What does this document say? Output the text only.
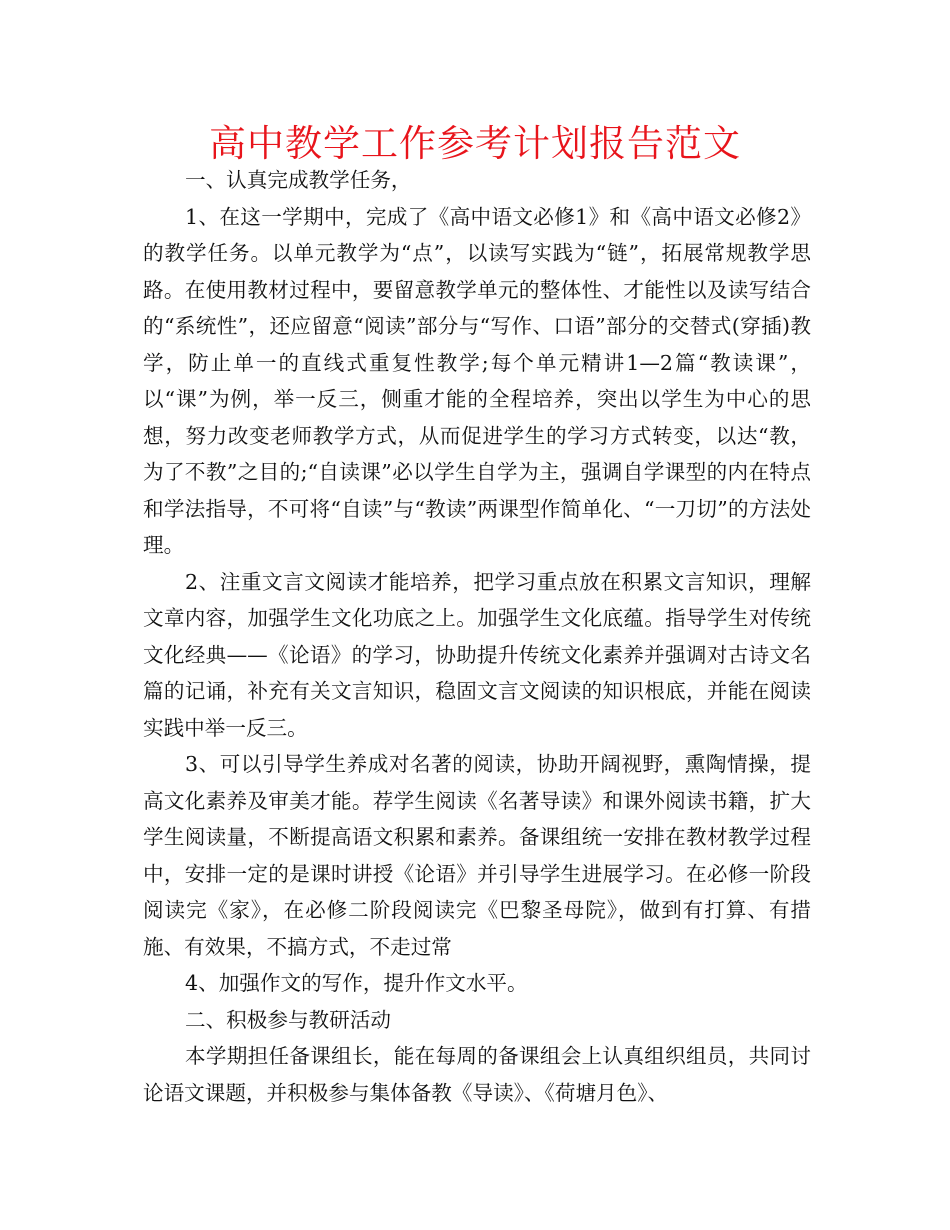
高中教学工作参考计划报告范文

一、认真完成教学任务，

1、在这一学期中，完成了《高中语文必修1》和《高中语文必修2》的教学任务。以单元教学为“点”，以读写实践为“链”，拓展常规教学思路。在使用教材过程中，要留意教学单元的整体性、才能性以及读写结合的“系统性”，还应留意“阅读”部分与“写作、口语”部分的交替式(穿插)教学，防止单一的直线式重复性教学;每个单元精讲1—2篇“教读课”，以“课”为例，举一反三，侧重才能的全程培养，突出以学生为中心的思想，努力改变老师教学方式，从而促进学生的学习方式转变，以达“教，为了不教”之目的;“自读课”必以学生自学为主，强调自学课型的内在特点和学法指导，不可将“自读”与“教读”两课型作简单化、“一刀切”的方法处理。

2、注重文言文阅读才能培养，把学习重点放在积累文言知识，理解文章内容，加强学生文化功底之上。加强学生文化底蕴。指导学生对传统文化经典——《论语》的学习，协助提升传统文化素养并强调对古诗文名篇的记诵，补充有关文言知识，稳固文言文阅读的知识根底，并能在阅读实践中举一反三。

3、可以引导学生养成对名著的阅读，协助开阔视野，熏陶情操，提高文化素养及审美才能。荐学生阅读《名著导读》和课外阅读书籍，扩大学生阅读量，不断提高语文积累和素养。备课组统一安排在教材教学过程中，安排一定的是课时讲授《论语》并引导学生进展学习。在必修一阶段阅读完《家》，在必修二阶段阅读完《巴黎圣母院》，做到有打算、有措施、有效果，不搞方式，不走过常

4、加强作文的写作，提升作文水平。

二、积极参与教研活动

本学期担任备课组长，能在每周的备课组会上认真组织组员，共同讨论语文课题，并积极参与集体备教《导读》、《荷塘月色》、
